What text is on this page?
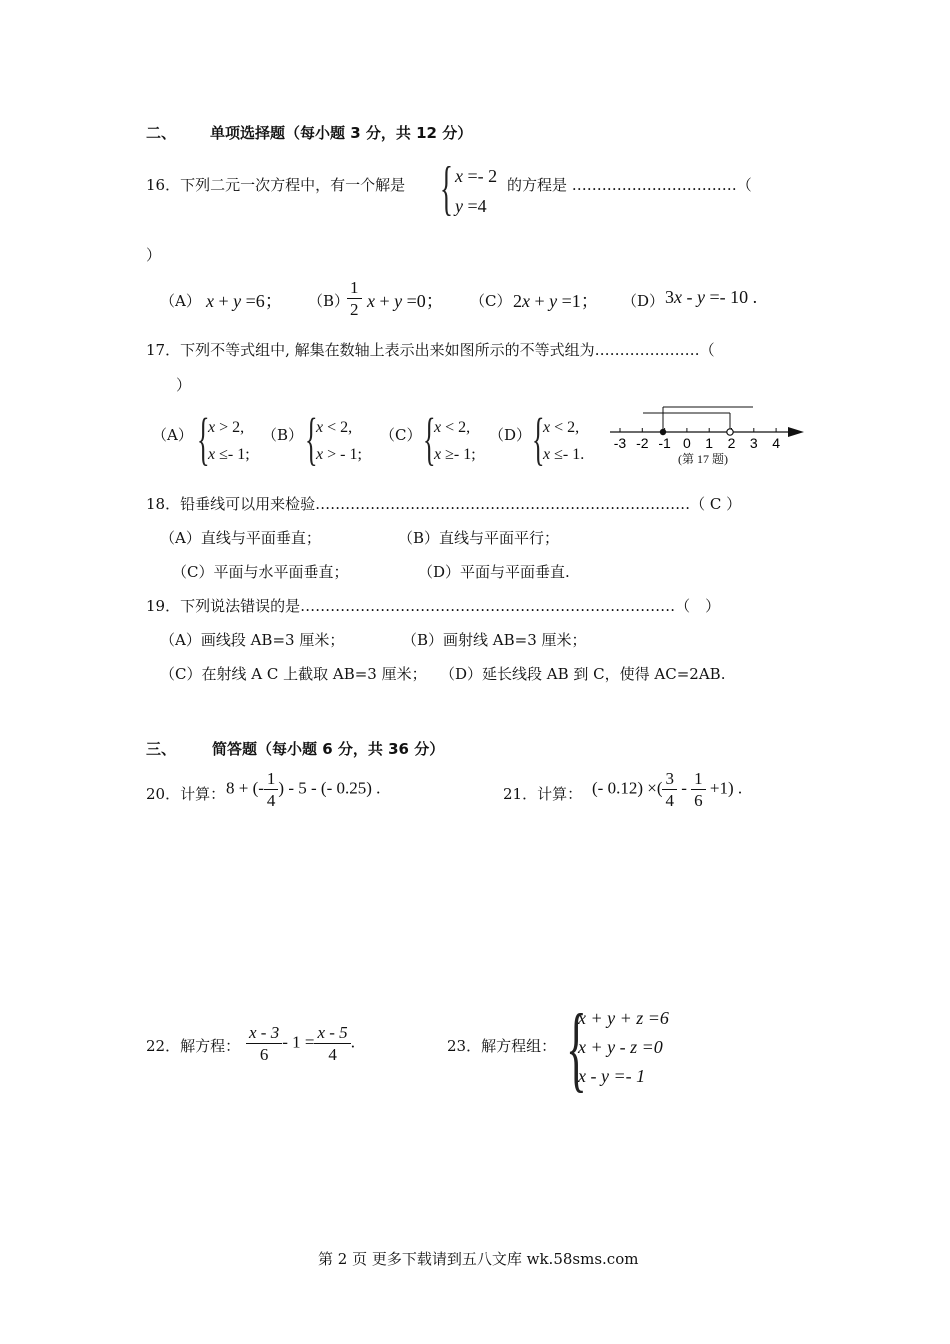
二、 单项选择题（每小题 3 分，共 12 分）
16．下列二元一次方程中，有一个解是 { x =- 2
y =4
的方程是 ……………………………（
）
（A） x + y =6； （B）
$\frac{1}{2}$ x + y =0； （C） 2x + y =1； （D） 3x - y =- 10 .
17．下列不等式组中, 解集在数轴上表示出来如图所示的不等式组为…………………（
）
（A） {
x > 2,
x ≤- 1;
（B） {
x < 2,
x > - 1;
（C） {
x < 2,
x ≥- 1;
（D） {
x < 2,
x ≤- 1.
-3 -2 -1 0 1 2 3 4
(第 17 题)
18．铅垂线可以用来检验…………………………………………………………………（ C ）
（A）直线与平面垂直；	（B）直线与平面平行；
（C）平面与水平面垂直；	（D）平面与平面垂直.
19．下列说法错误的是…………………………………………………………………（　）
（A）画线段 AB=3 厘米；	（B）画射线 AB=3 厘米；
（C）在射线 A C 上截取 AB=3 厘米； （D）延长线段 AB 到 C，使得 AC=2AB.
三、 简答题（每小题 6 分，共 36 分）
20．计算： 8 + (- $\frac{1}{4}$ ) - 5 - (- 0.25) .	21．计算： (- 0.12) ×( $\frac{3}{4} - \frac{1}{6} +1$) .
22．解方程： $\frac{x - 3}{6} - 1 = \frac{x - 5}{4}$ .	23．解方程组： {
x + y + z =6
x + y - z =0
x - y =- 1
第 2 页 更多下载请到五八文库 wk.58sms.com
